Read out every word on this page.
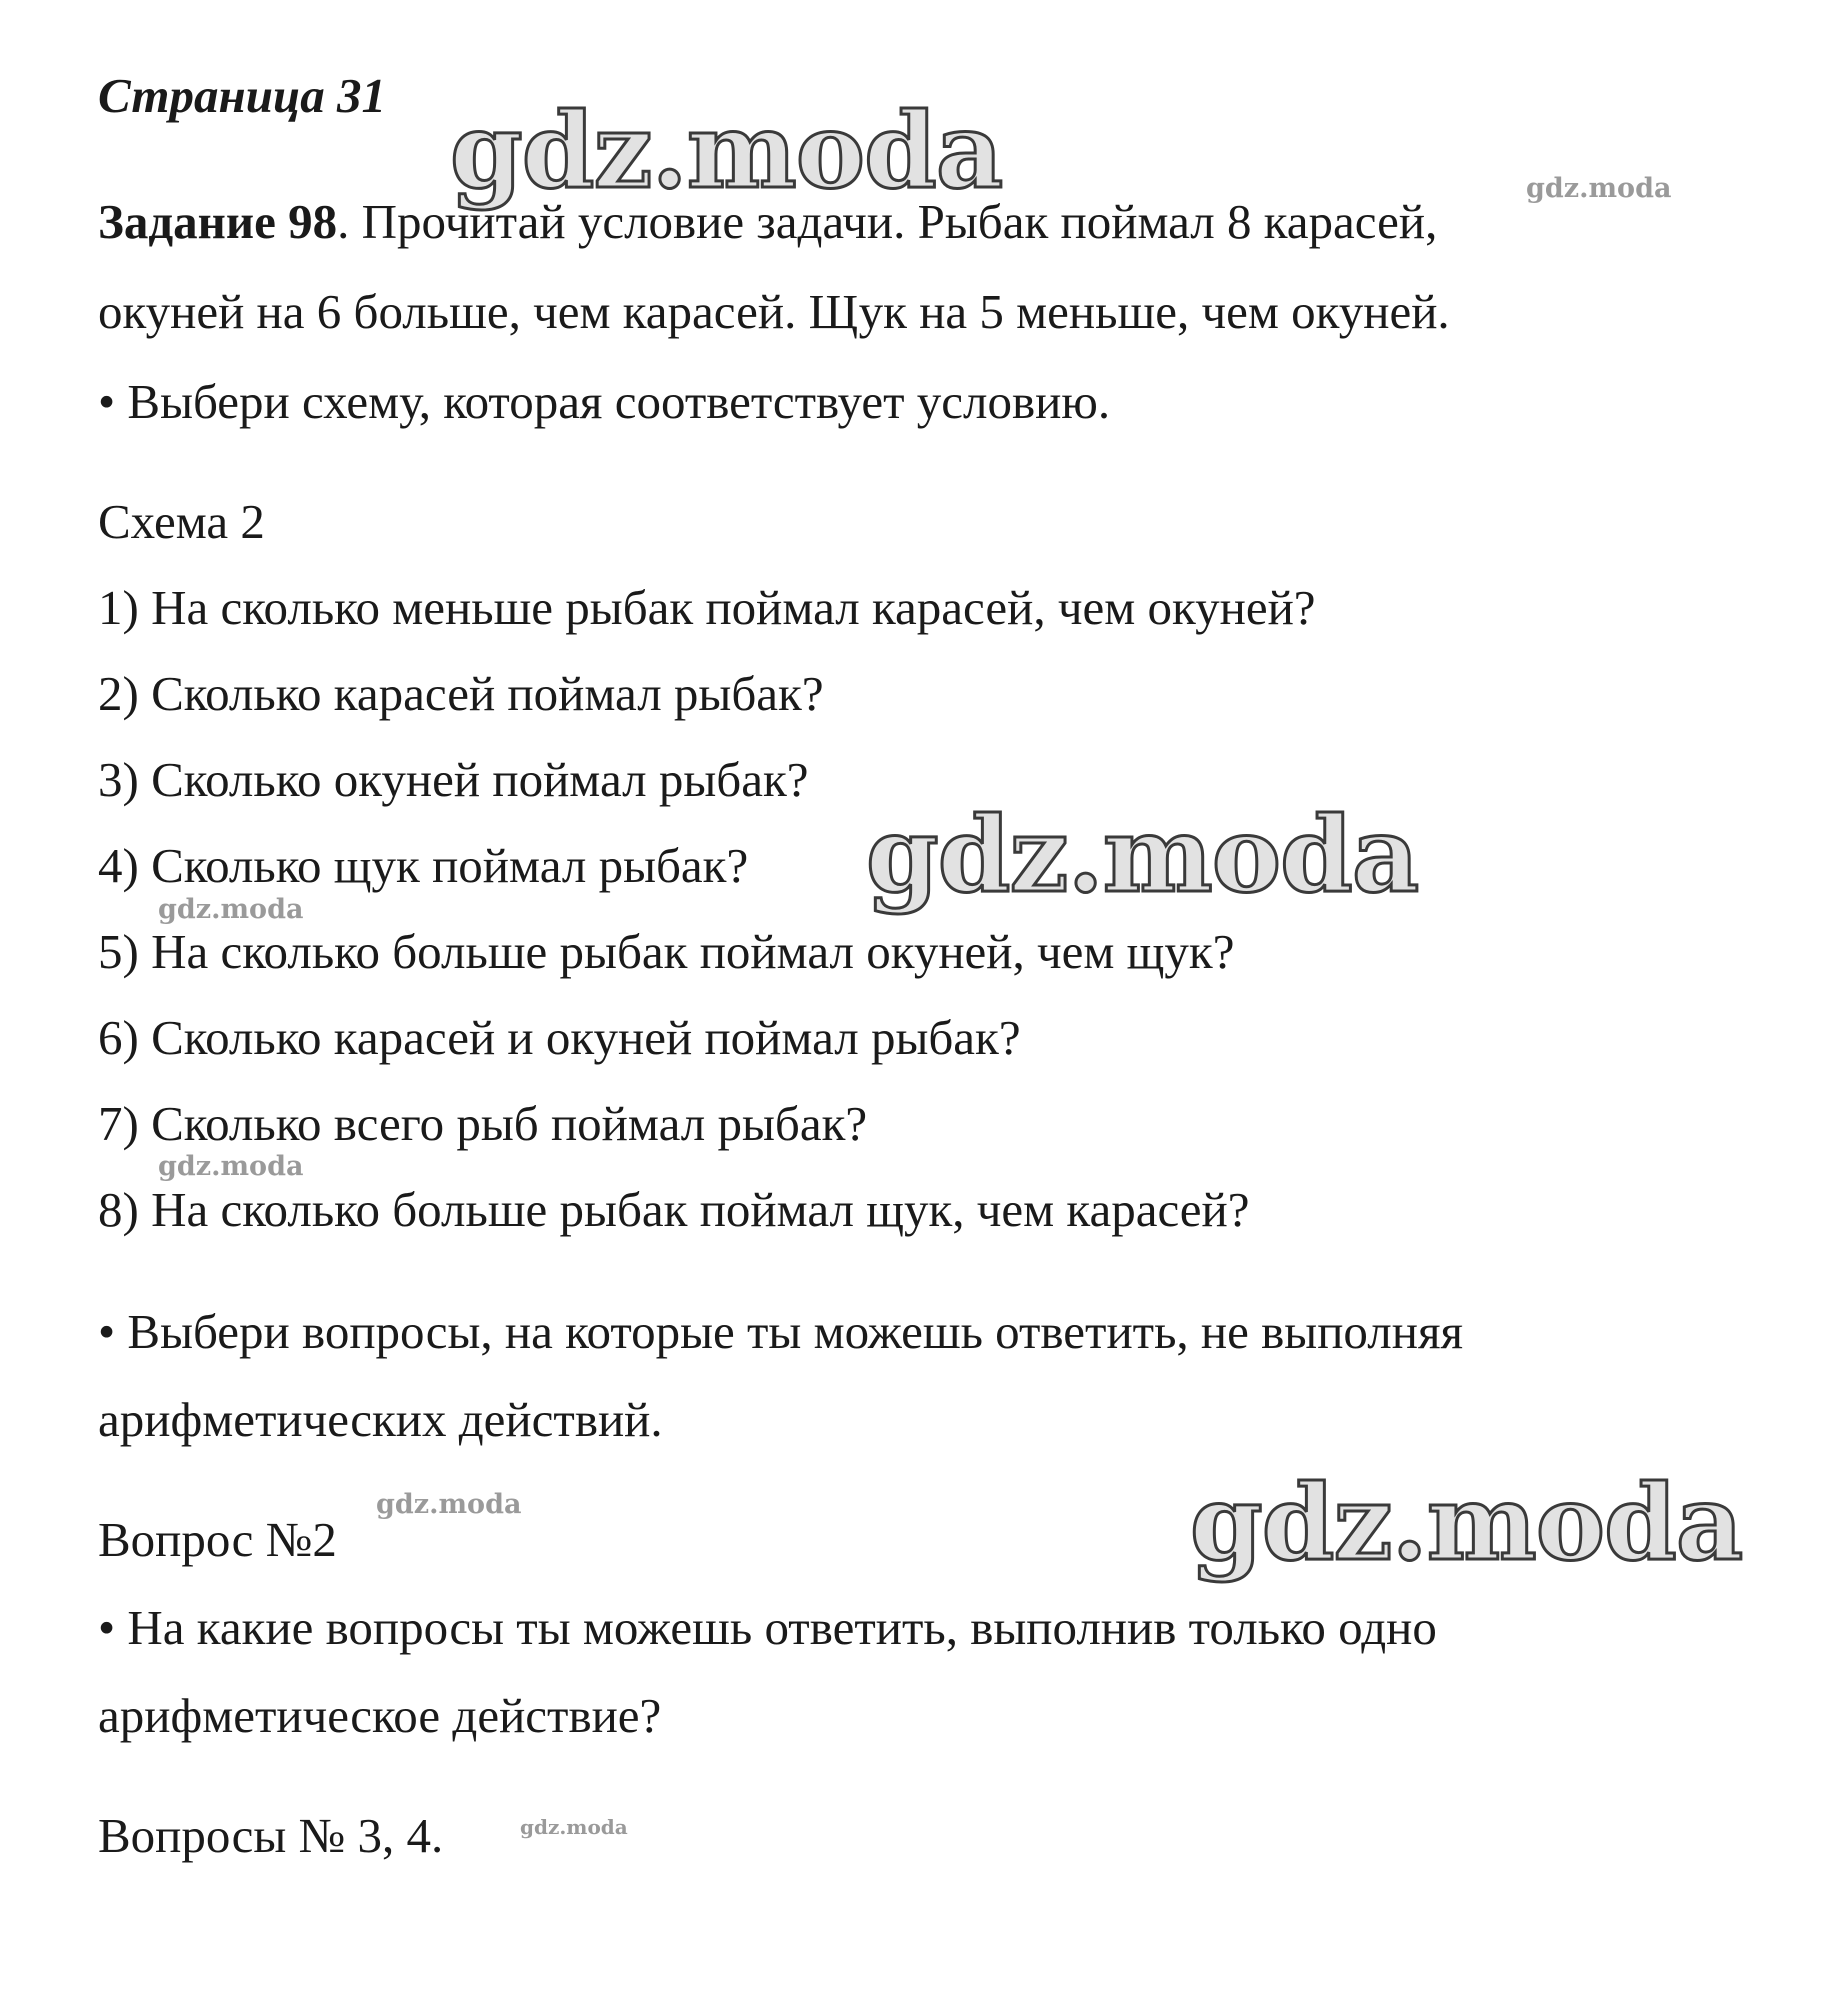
Страница 31
Задание 98. Прочитай условие задачи. Рыбак поймал 8 карасей,
окуней на 6 больше, чем карасей. Щук на 5 меньше, чем окуней.
• Выбери схему, которая соответствует условию.
Схема 2
1) На сколько меньше рыбак поймал карасей, чем окуней?
2) Сколько карасей поймал рыбак?
3) Сколько окуней поймал рыбак?
4) Сколько щук поймал рыбак?
5) На сколько больше рыбак поймал окуней, чем щук?
6) Сколько карасей и окуней поймал рыбак?
7) Сколько всего рыб поймал рыбак?
8) На сколько больше рыбак поймал щук, чем карасей?
• Выбери вопросы, на которые ты можешь ответить, не выполняя
арифметических действий.
Вопрос №2
• На какие вопросы ты можешь ответить, выполнив только одно
арифметическое действие?
Вопросы № 3, 4.
gdz.moda	gdz.moda
gdz.moda
gdz.moda
gdz.moda
gdz.moda	gdz.moda
gdz.moda
